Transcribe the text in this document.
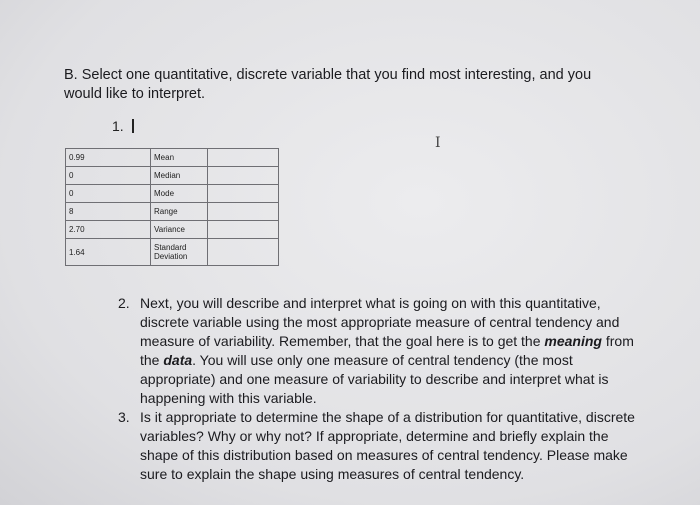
B. Select one quantitative, discrete variable that you find most interesting, and you would like to interpret.
1.
I
0.99	Mean	
0	Median	
0	Mode	
8	Range	
2.70	Variance	
1.64	Standard Deviation	
2. Next, you will describe and interpret what is going on with this quantitative, discrete variable using the most appropriate measure of central tendency and measure of variability. Remember, that the goal here is to get the meaning from the data. You will use only one measure of central tendency (the most appropriate) and one measure of variability to describe and interpret what is happening with this variable.
3. Is it appropriate to determine the shape of a distribution for quantitative, discrete variables? Why or why not? If appropriate, determine and briefly explain the shape of this distribution based on measures of central tendency. Please make sure to explain the shape using measures of central tendency.
